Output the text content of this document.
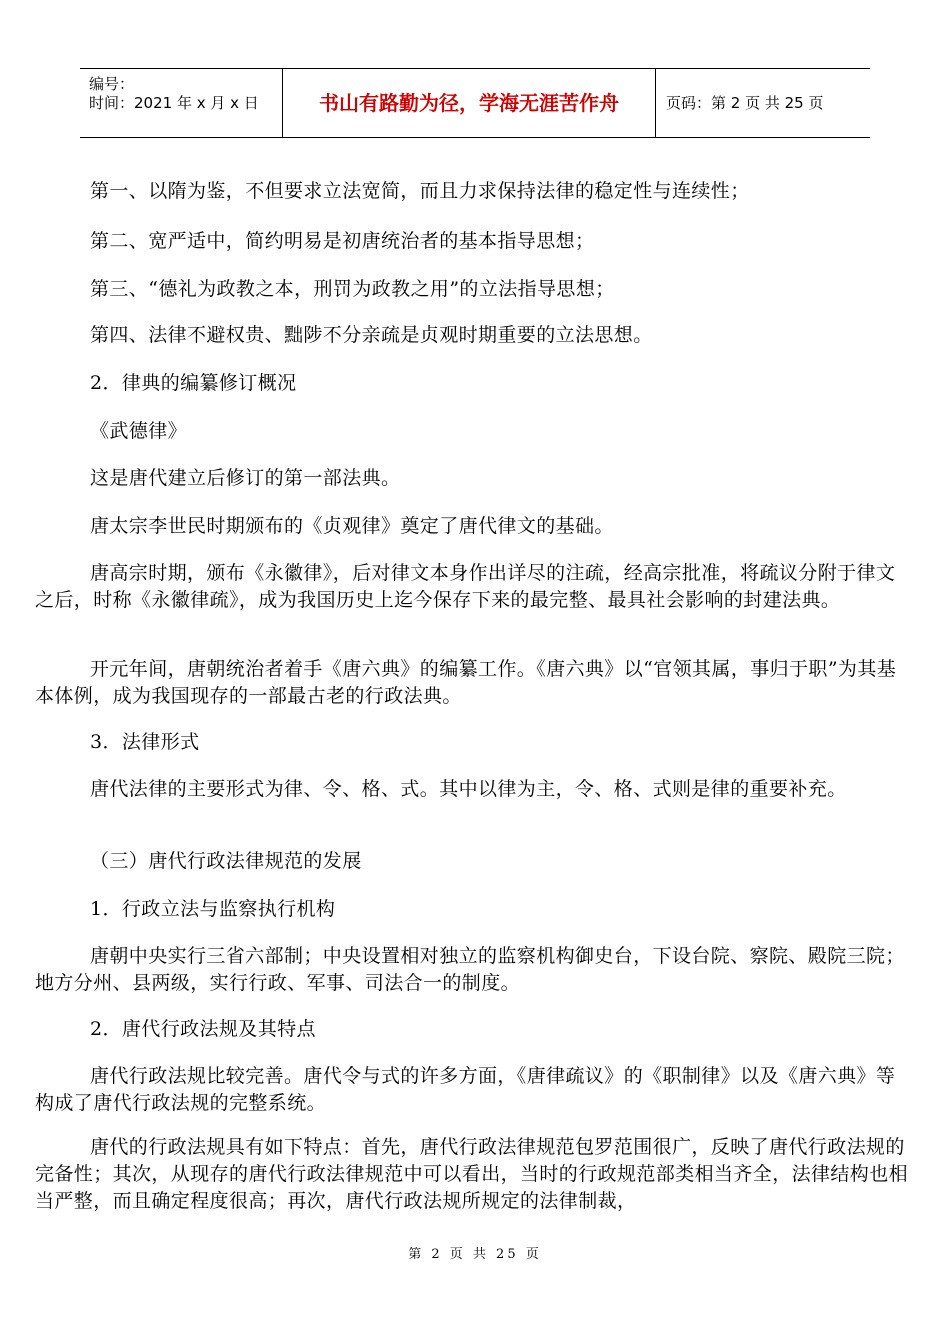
编号：
时间：2021 年 x 月 x 日	书山有路勤为径，学海无涯苦作舟	页码：第 2 页 共 25 页

第一、以隋为鉴，不但要求立法宽简，而且力求保持法律的稳定性与连续性；

第二、宽严适中，简约明易是初唐统治者的基本指导思想；

第三、“德礼为政教之本，刑罚为政教之用”的立法指导思想；

第四、法律不避权贵、黜陟不分亲疏是贞观时期重要的立法思想。

2．律典的编纂修订概况

《武德律》

这是唐代建立后修订的第一部法典。

唐太宗李世民时期颁布的《贞观律》奠定了唐代律文的基础。

唐高宗时期，颁布《永徽律》，后对律文本身作出详尽的注疏，经高宗批准，将疏议分附于律文之后，时称《永徽律疏》，成为我国历史上迄今保存下来的最完整、最具社会影响的封建法典。

开元年间，唐朝统治者着手《唐六典》的编纂工作。《唐六典》以“官领其属，事归于职”为其基本体例，成为我国现存的一部最古老的行政法典。

3．法律形式

唐代法律的主要形式为律、令、格、式。其中以律为主，令、格、式则是律的重要补充。

（三）唐代行政法律规范的发展

1．行政立法与监察执行机构

唐朝中央实行三省六部制；中央设置相对独立的监察机构御史台，下设台院、察院、殿院三院；地方分州、县两级，实行行政、军事、司法合一的制度。

2．唐代行政法规及其特点

唐代行政法规比较完善。唐代令与式的许多方面，《唐律疏议》的《职制律》以及《唐六典》等构成了唐代行政法规的完整系统。

唐代的行政法规具有如下特点：首先，唐代行政法律规范包罗范围很广，反映了唐代行政法规的完备性；其次，从现存的唐代行政法律规范中可以看出，当时的行政规范部类相当齐全，法律结构也相当严整，而且确定程度很高；再次，唐代行政法规所规定的法律制裁，

第 2 页 共 25 页
